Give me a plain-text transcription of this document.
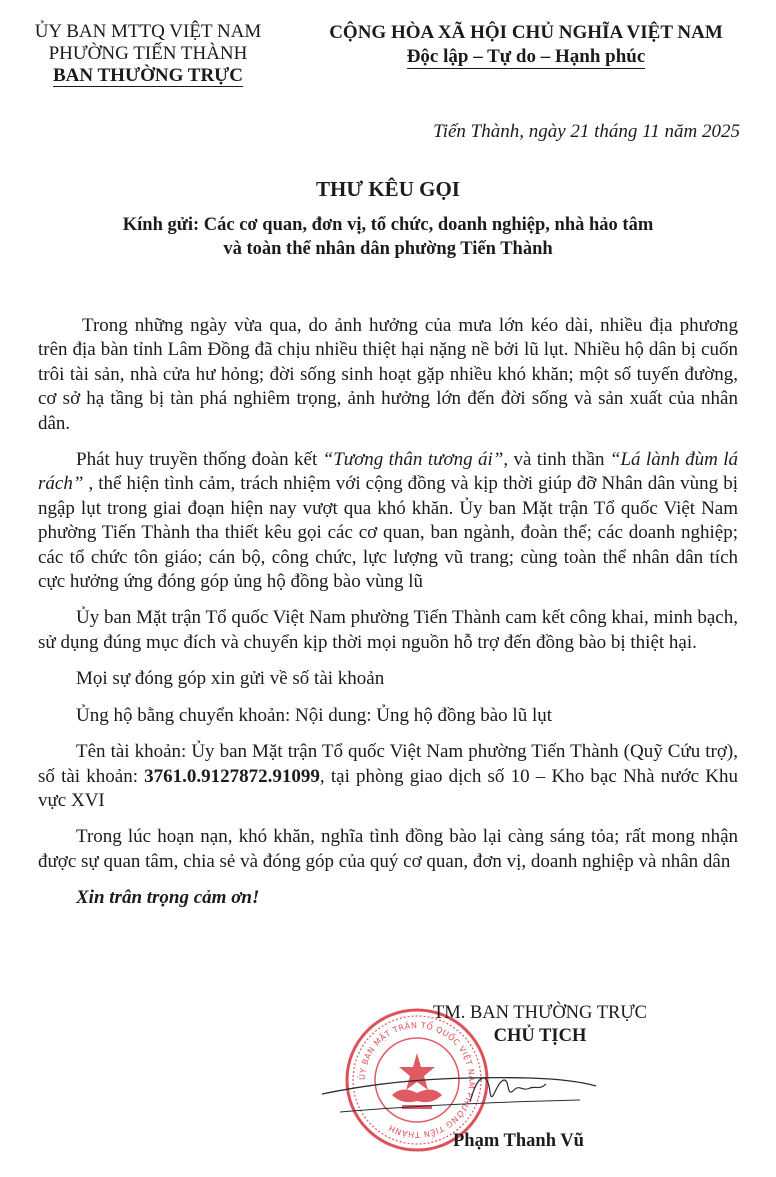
ỦY BAN MTTQ VIỆT NAM
PHƯỜNG TIẾN THÀNH
BAN THƯỜNG TRỰC
CỘNG HÒA XÃ HỘI CHỦ NGHĨA VIỆT NAM
Độc lập – Tự do – Hạnh phúc
Tiến Thành, ngày 21 tháng 11 năm 2025
THƯ KÊU GỌI
Kính gửi: Các cơ quan, đơn vị, tổ chức, doanh nghiệp, nhà hảo tâm
và toàn thể nhân dân phường Tiến Thành

Trong những ngày vừa qua, do ảnh hưởng của mưa lớn kéo dài, nhiều địa phương trên địa bàn tỉnh Lâm Đồng đã chịu nhiều thiệt hại nặng nề bởi lũ lụt. Nhiều hộ dân bị cuốn trôi tài sản, nhà cửa hư hỏng; đời sống sinh hoạt gặp nhiều khó khăn; một số tuyến đường, cơ sở hạ tầng bị tàn phá nghiêm trọng, ảnh hưởng lớn đến đời sống và sản xuất của nhân dân.

Phát huy truyền thống đoàn kết “Tương thân tương ái”, và tinh thần “Lá lành đùm lá rách” , thể hiện tình cảm, trách nhiệm với cộng đồng và kịp thời giúp đỡ Nhân dân vùng bị ngập lụt trong giai đoạn hiện nay vượt qua khó khăn. Ủy ban Mặt trận Tổ quốc Việt Nam phường Tiến Thành tha thiết kêu gọi các cơ quan, ban ngành, đoàn thể; các doanh nghiệp; các tổ chức tôn giáo; cán bộ, công chức, lực lượng vũ trang; cùng toàn thể nhân dân tích cực hưởng ứng đóng góp ủng hộ đồng bào vùng lũ

Ủy ban Mặt trận Tổ quốc Việt Nam phường Tiến Thành cam kết công khai, minh bạch, sử dụng đúng mục đích và chuyển kịp thời mọi nguồn hỗ trợ đến đồng bào bị thiệt hại.

Mọi sự đóng góp xin gửi về số tài khoản

Ủng hộ bằng chuyển khoản: Nội dung: Ủng hộ đồng bào lũ lụt

Tên tài khoản: Ủy ban Mặt trận Tổ quốc Việt Nam phường Tiến Thành (Quỹ Cứu trợ), số tài khoản: 3761.0.9127872.91099, tại phòng giao dịch số 10 – Kho bạc Nhà nước Khu vực XVI

Trong lúc hoạn nạn, khó khăn, nghĩa tình đồng bào lại càng sáng tỏa; rất mong nhận được sự quan tâm, chia sẻ và đóng góp của quý cơ quan, đơn vị, doanh nghiệp và nhân dân

Xin trân trọng cảm ơn!

ỦY BAN MẶT TRẬN TỔ QUỐC VIỆT NAM PHƯỜNG TIẾN THÀNH
TM. BAN THƯỜNG TRỰC
CHỦ TỊCH
Phạm Thanh Vũ
